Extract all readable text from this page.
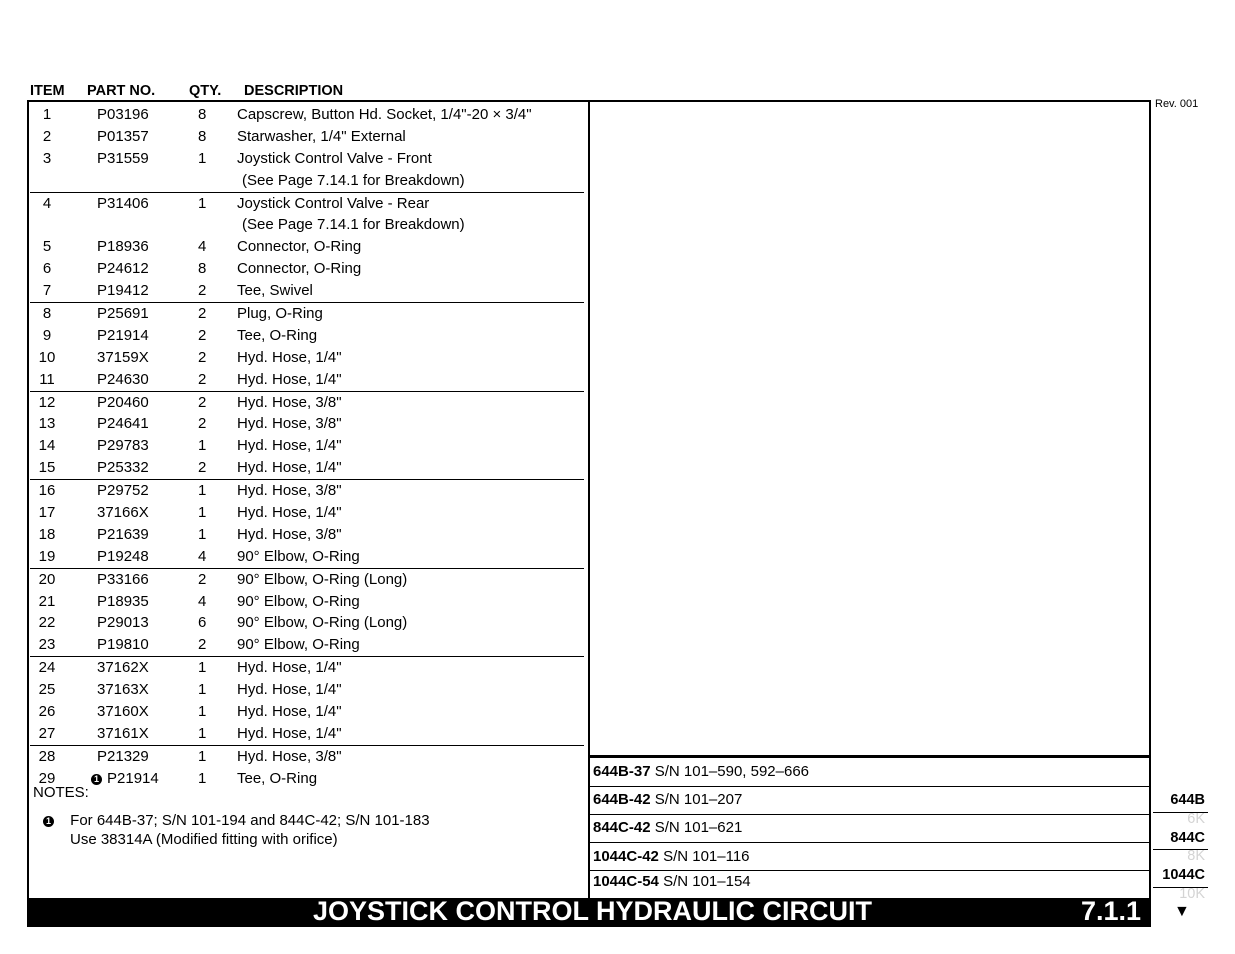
ITEM PART NO. QTY. DESCRIPTION
Rev. 001
1	P03196	8 Capscrew, Button Hd. Socket, 1/4"-20 × 3/4"
2	P01357	8 Starwasher, 1/4" External
3	P31559	1 Joystick Control Valve - Front
(See Page 7.14.1 for Breakdown)
4	P31406	1 Joystick Control Valve - Rear
(See Page 7.14.1 for Breakdown)
5	P18936	4 Connector, O-Ring
6	P24612	8 Connector, O-Ring
7	P19412	2 Tee, Swivel
8	P25691	2 Plug, O-Ring
9	P21914	2 Tee, O-Ring
10	37159X	2 Hyd. Hose, 1/4"
11	P24630	2 Hyd. Hose, 1/4"
12	P20460	2 Hyd. Hose, 3/8"
13	P24641	2 Hyd. Hose, 3/8"
14	P29783	1 Hyd. Hose, 1/4"
15	P25332	2 Hyd. Hose, 1/4"
16	P29752	1 Hyd. Hose, 3/8"
17	37166X	1 Hyd. Hose, 1/4"
18	P21639	1 Hyd. Hose, 3/8"
19	P19248	4 90° Elbow, O-Ring
20	P33166	2 90° Elbow, O-Ring (Long)
21	P18935	4 90° Elbow, O-Ring
22	P29013	6 90° Elbow, O-Ring (Long)
23	P19810	2 90° Elbow, O-Ring
24	37162X	1 Hyd. Hose, 1/4"
25	37163X	1 Hyd. Hose, 1/4"
26	37160X	1 Hyd. Hose, 1/4"
27	37161X	1 Hyd. Hose, 1/4"
28	P21329	1 Hyd. Hose, 3/8"
29	P21914	1 Tee, O-Ring
1
NOTES:
1 For 644B-37; S/N 101-194 and 844C-42; S/N 101-183
Use 38314A (Modified fitting with orifice)
644B-37 S/N 101–590, 592–666
644B-42 S/N 101–207
844C-42 S/N 101–621
1044C-42 S/N 101–116
1044C-54 S/N 101–154
644B
6K
844C
8K
1044C
10K
JOYSTICK CONTROL HYDRAULIC CIRCUIT	7.1.1 ▼
